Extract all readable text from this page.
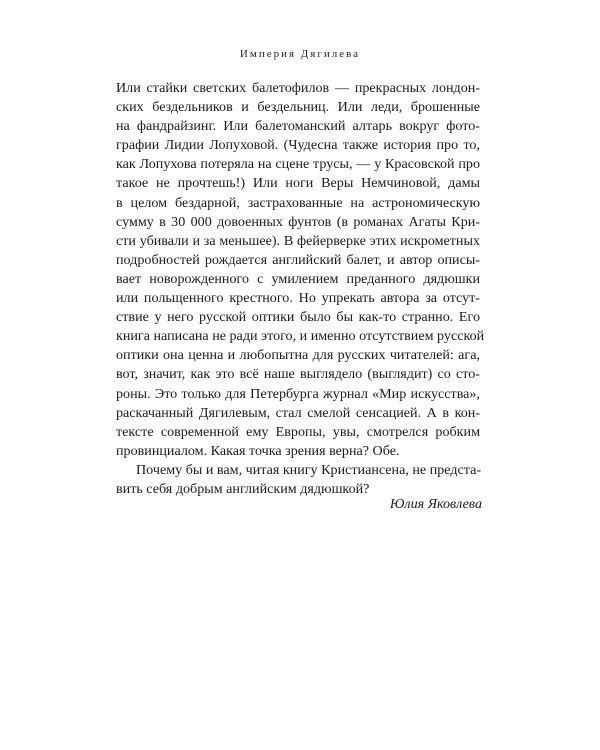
Империя Дягилева

Или стайки светских балетофилов — прекрасных лондон-
ских бездельников и бездельниц. Или леди, брошенные
на фандрайзинг. Или балетоманский алтарь вокруг фото-
графии Лидии Лопуховой. (Чудесна также история про то,
как Лопухова потеряла на сцене трусы, — у Красовской про
такое не прочтешь!) Или ноги Веры Немчиновой, дамы
в целом бездарной, застрахованные на астрономическую
сумму в 30 000 довоенных фунтов (в романах Агаты Кри-
сти убивали и за меньшее). В фейерверке этих искрометных
подробностей рождается английский балет, и автор описы-
вает новорожденного с умилением преданного дядюшки
или польщенного крестного. Но упрекать автора за отсут-
ствие у него русской оптики было бы как-то странно. Его
книга написана не ради этого, и именно отсутствием русской
оптики она ценна и любопытна для русских читателей: ага,
вот, значит, как это всё наше выглядело (выглядит) со сто-
роны. Это только для Петербурга журнал «Мир искусства»,
раскачанный Дягилевым, стал смелой сенсацией. А в кон-
тексте современной ему Европы, увы, смотрелся робким
провинциалом. Какая точка зрения верна? Обе.

Почему бы и вам, читая книгу Кристиансена, не предста-
вить себя добрым английским дядюшкой?

Юлия Яковлева
